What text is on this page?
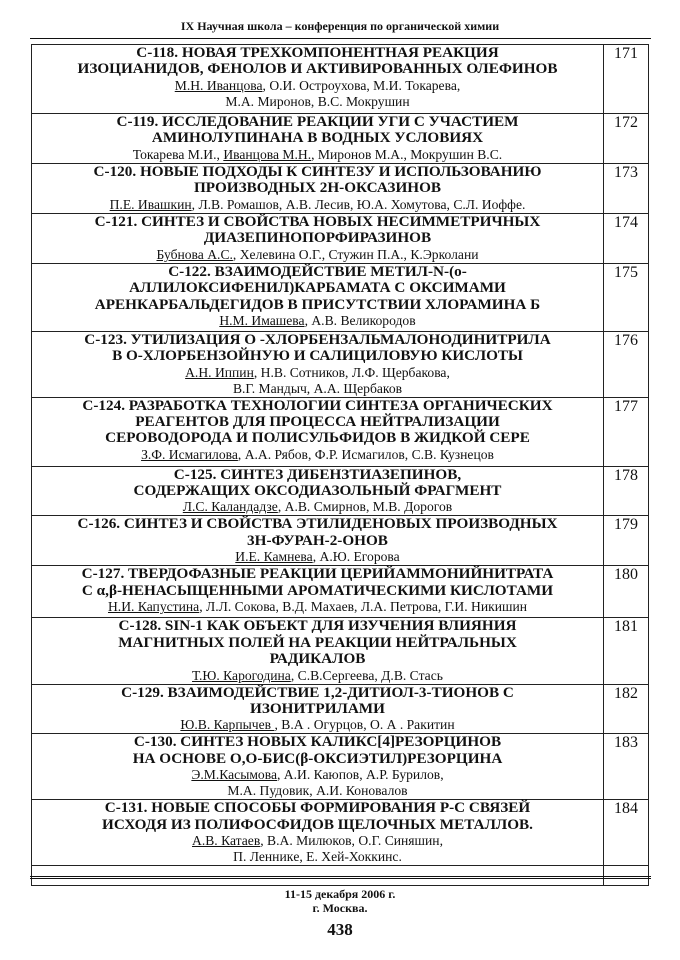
IX Научная школа – конференция по органической химии
С-118. НОВАЯ ТРЕХКОМПОНЕНТНАЯ РЕАКЦИЯ
ИЗОЦИАНИДОВ, ФЕНОЛОВ И АКТИВИРОВАННЫХ ОЛЕФИНОВ
М.Н. Иванцова, О.И. Остроухова, М.И. Токарева,
М.А. Миронов, В.С. Мокрушин	171

С-119. ИССЛЕДОВАНИЕ РЕАКЦИИ УГИ С УЧАСТИЕМ
АМИНОЛУПИНАНА В ВОДНЫХ УСЛОВИЯХ
Токарева М.И., Иванцова М.Н., Миронов М.А., Мокрушин В.С.	172

С-120. НОВЫЕ ПОДХОДЫ К СИНТЕЗУ И ИСПОЛЬЗОВАНИЮ
ПРОИЗВОДНЫХ 2H-ОКСАЗИНОВ
П.Е. Ивашкин, Л.В. Ромашов, А.В. Лесив, Ю.А. Хомутова, С.Л. Иоффе.	173

С-121. СИНТЕЗ И СВОЙСТВА НОВЫХ НЕСИММЕТРИЧНЫХ
ДИАЗЕПИНОПОРФИРАЗИНОВ
Бубнова А.С., Хелевина О.Г., Стужин П.А., К.Эрколани	174

С-122. ВЗАИМОДЕЙСТВИЕ МЕТИЛ-N-(о-
АЛЛИЛОКСИФЕНИЛ)КАРБАМАТА С ОКСИМАМИ
АРЕНКАРБАЛЬДЕГИДОВ В ПРИСУТСТВИИ ХЛОРАМИНА Б
Н.М. Имашева, А.В. Великородов	175

С-123. УТИЛИЗАЦИЯ О -ХЛОРБЕНЗАЛЬМАЛОНОДИНИТРИЛА
В О-ХЛОРБЕНЗОЙНУЮ И САЛИЦИЛОВУЮ КИСЛОТЫ
А.Н. Иппин, Н.В. Сотников, Л.Ф. Щербакова,
В.Г. Мандыч, А.А. Щербаков	176

С-124. РАЗРАБОТКА ТЕХНОЛОГИИ СИНТЕЗА ОРГАНИЧЕСКИХ
РЕАГЕНТОВ ДЛЯ ПРОЦЕССА НЕЙТРАЛИЗАЦИИ
СЕРОВОДОРОДА И ПОЛИСУЛЬФИДОВ В ЖИДКОЙ СЕРЕ
З.Ф. Исмагилова, А.А. Рябов, Ф.Р. Исмагилов, С.В. Кузнецов	177

С-125. СИНТЕЗ ДИБЕНЗТИАЗЕПИНОВ,
СОДЕРЖАЩИХ ОКСОДИАЗОЛЬНЫЙ ФРАГМЕНТ
Л.С. Каландадзе, А.В. Смирнов, М.В. Дорогов	178

С-126. СИНТЕЗ И СВОЙСТВА ЭТИЛИДЕНОВЫХ ПРОИЗВОДНЫХ
3Н-ФУРАН-2-ОНОВ
И.Е. Камнева, А.Ю. Егорова	179

С-127. ТВЕРДОФАЗНЫЕ РЕАКЦИИ ЦЕРИЙАММОНИЙНИТРАТА
С α,β-НЕНАСЫЩЕННЫМИ АРОМАТИЧЕСКИМИ КИСЛОТАМИ
Н.И. Капустина, Л.Л. Сокова, В.Д. Махаев, Л.А. Петрова, Г.И. Никишин	180

С-128. SIN-1 КАК ОБЪЕКТ ДЛЯ ИЗУЧЕНИЯ ВЛИЯНИЯ
МАГНИТНЫХ ПОЛЕЙ НА РЕАКЦИИ НЕЙТРАЛЬНЫХ
РАДИКАЛОВ
Т.Ю. Карогодина, С.В.Сергеева, Д.В. Стась	181

С-129. ВЗАИМОДЕЙСТВИЕ 1,2-ДИТИОЛ-3-ТИОНОВ С
ИЗОНИТРИЛАМИ
Ю.В. Карпычев , В.А . Огурцов, О. А . Ракитин	182

С-130. СИНТЕЗ НОВЫХ КАЛИКС[4]РЕЗОРЦИНОВ
НА ОСНОВЕ О,О-БИС(β-ОКСИЭТИЛ)РЕЗОРЦИНА
Э.М.Касымова, А.И. Каюпов, А.Р. Бурилов,
М.А. Пудовик, А.И. Коновалов	183

С-131. НОВЫЕ СПОСОБЫ ФОРМИРОВАНИЯ Р-С СВЯЗЕЙ
ИСХОДЯ ИЗ ПОЛИФОСФИДОВ ЩЕЛОЧНЫХ МЕТАЛЛОВ.
А.В. Катаев, В.А. Милюков, О.Г. Синяшин,
П. Ленникe, Е. Хей-Хоккинс.	184

11-15 декабря 2006 г.
г. Москва.
438
